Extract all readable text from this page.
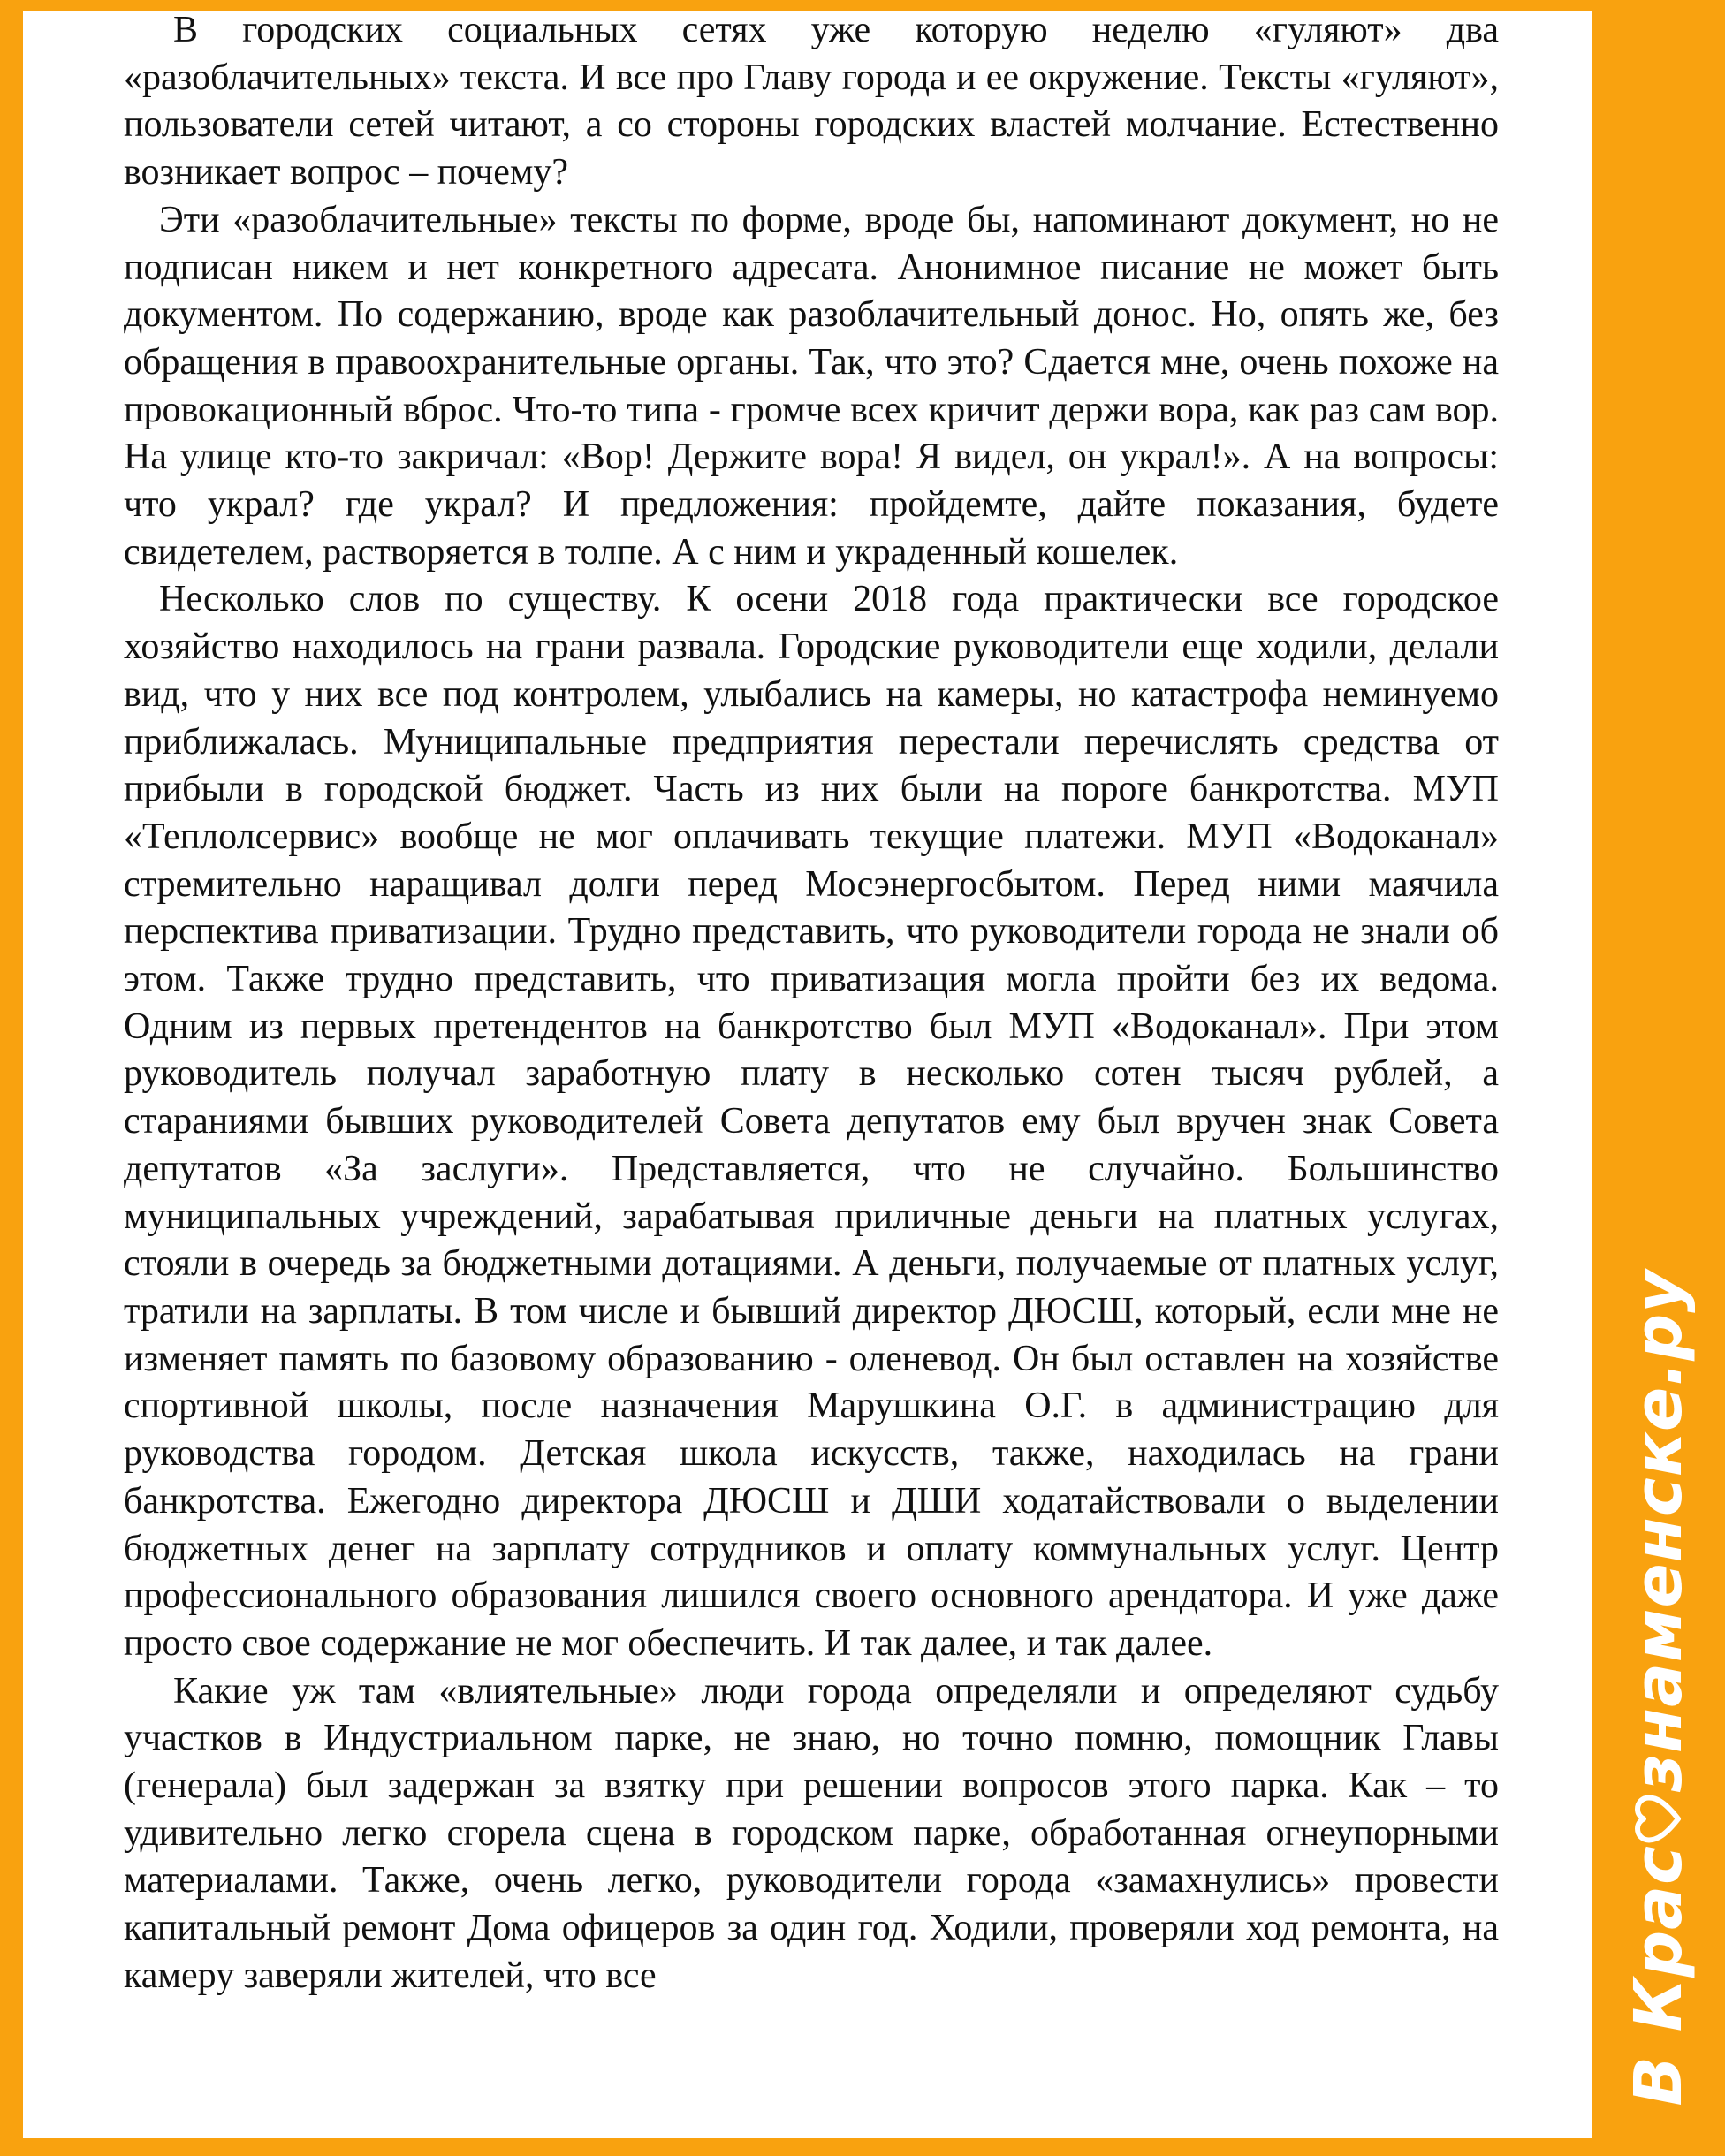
В городских социальных сетях уже которую неделю «гуляют» два «разоблачительных» текста. И все про Главу города и ее окружение. Тексты «гуляют», пользователи сетей читают, а со стороны городских властей молчание. Естественно возникает вопрос – почему?

Эти «разоблачительные» тексты по форме, вроде бы, напоминают документ, но не подписан никем и нет конкретного адресата. Анонимное писание не может быть документом. По содержанию, вроде как разоблачительный донос. Но, опять же, без обращения в правоохранительные органы. Так, что это? Сдается мне, очень похоже на провокационный вброс. Что-то типа - громче всех кричит держи вора, как раз сам вор. На улице кто-то закричал: «Вор! Держите вора! Я видел, он украл!». А на вопросы: что украл? где украл? И предложения: пройдемте, дайте показания, будете свидетелем, растворяется в толпе. А с ним и украденный кошелек.

Несколько слов по существу. К осени 2018 года практически все городское хозяйство находилось на грани развала. Городские руководители еще ходили, делали вид, что у них все под контролем, улыбались на камеры, но катастрофа неминуемо приближалась. Муниципальные предприятия перестали перечислять средства от прибыли в городской бюджет. Часть из них были на пороге банкротства. МУП «Теплолсервис» вообще не мог оплачивать текущие платежи. МУП «Водоканал» стремительно наращивал долги перед Мосэнергосбытом. Перед ними маячила перспектива приватизации. Трудно представить, что руководители города не знали об этом. Также трудно представить, что приватизация могла пройти без их ведома. Одним из первых претендентов на банкротство был МУП «Водоканал». При этом руководитель получал заработную плату в несколько сотен тысяч рублей, а стараниями бывших руководителей Совета депутатов ему был вручен знак Совета депутатов «За заслуги». Представляется, что не случайно. Большинство муниципальных учреждений, зарабатывая приличные деньги на платных услугах, стояли в очередь за бюджетными дотациями. А деньги, получаемые от платных услуг, тратили на зарплаты. В том числе и бывший директор ДЮСШ, который, если мне не изменяет память по базовому образованию - оленевод. Он был оставлен на хозяйстве спортивной школы, после назначения Марушкина О.Г. в администрацию для руководства городом. Детская школа искусств, также, находилась на грани банкротства. Ежегодно директора ДЮСШ и ДШИ ходатайствовали о выделении бюджетных денег на зарплату сотрудников и оплату коммунальных услуг. Центр профессионального образования лишился своего основного арендатора. И уже даже просто свое содержание не мог обеспечить. И так далее, и так далее.

Какие уж там «влиятельные» люди города определяли и определяют судьбу участков в Индустриальном парке, не знаю, но точно помню, помощник Главы (генерала) был задержан за взятку при решении вопросов этого парка. Как – то удивительно легко сгорела сцена в городском парке, обработанная огнеупорными материалами. Также, очень легко, руководители города «замахнулись» провести капитальный ремонт Дома офицеров за один год. Ходили, проверяли ход ремонта, на камеру заверяли жителей, что все	В Крас
знаменске.ру
